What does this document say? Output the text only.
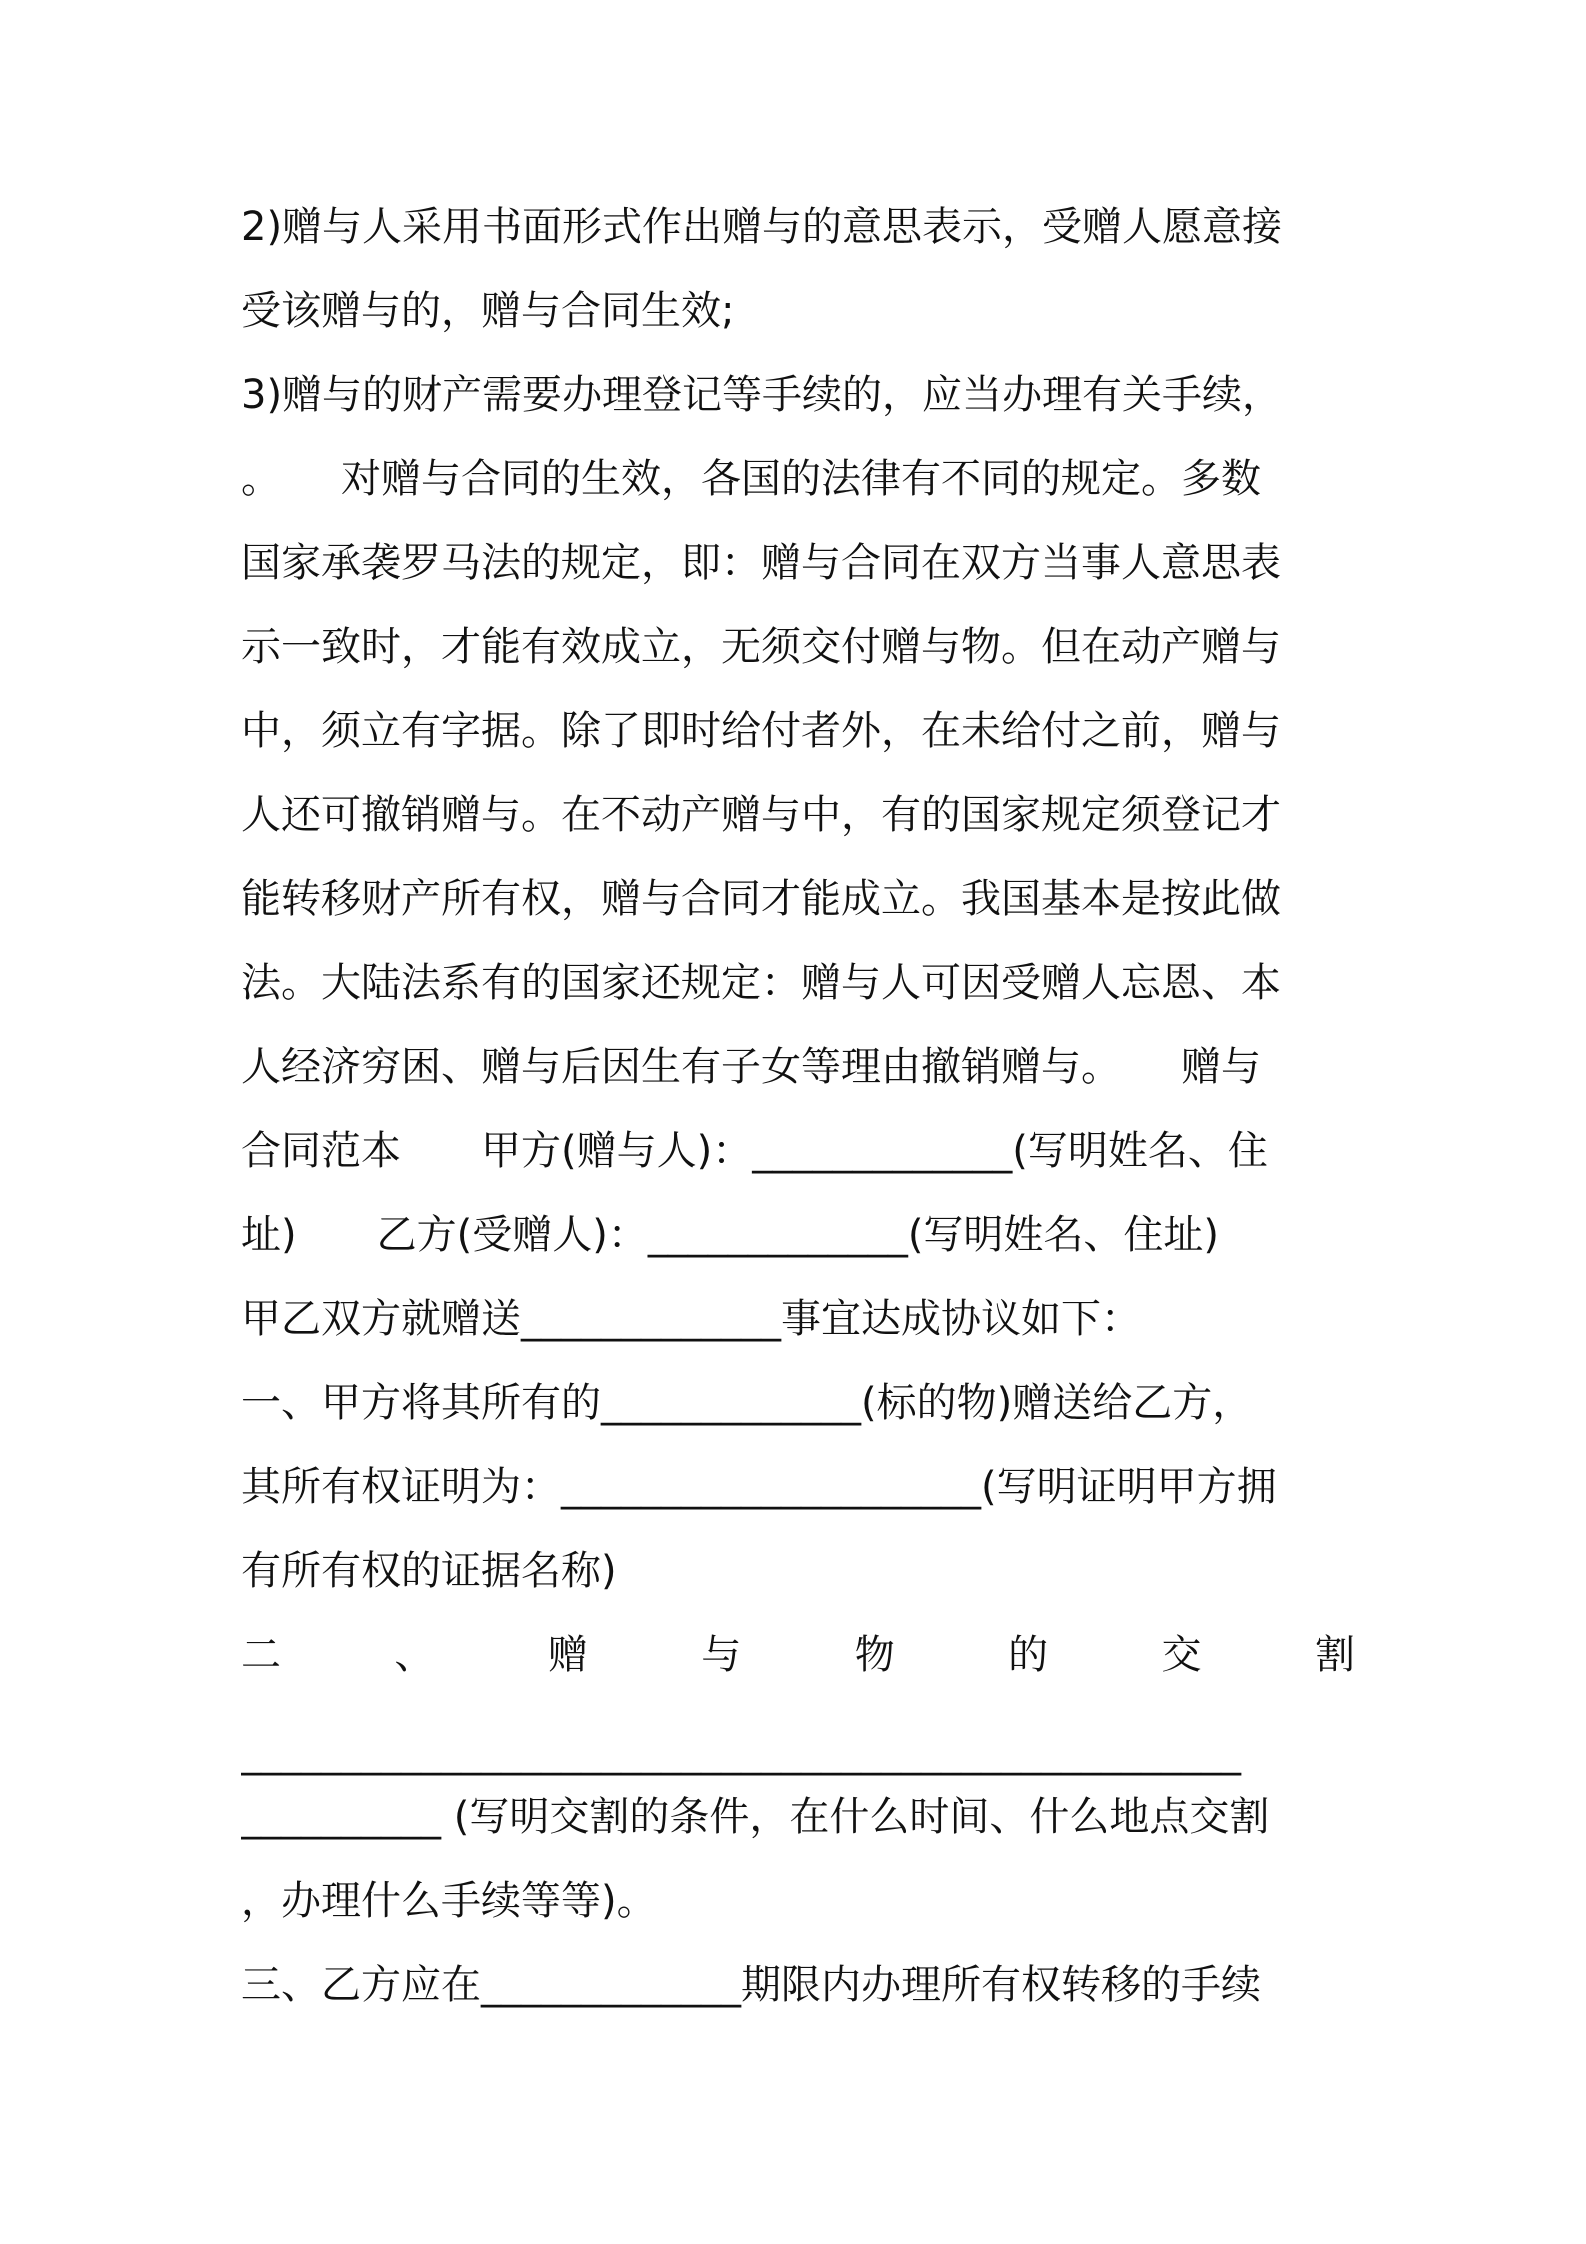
2)赠与人采用书面形式作出赠与的意思表示，受赠人愿意接
受该赠与的，赠与合同生效;
3)赠与的财产需要办理登记等手续的，应当办理有关手续，
。　　对赠与合同的生效，各国的法律有不同的规定。多数
国家承袭罗马法的规定，即：赠与合同在双方当事人意思表
示一致时，才能有效成立，无须交付赠与物。但在动产赠与
中，须立有字据。除了即时给付者外，在未给付之前，赠与
人还可撤销赠与。在不动产赠与中，有的国家规定须登记才
能转移财产所有权，赠与合同才能成立。我国基本是按此做
法。大陆法系有的国家还规定：赠与人可因受赠人忘恩、本
人经济穷困、赠与后因生有子女等理由撤销赠与。　　赠与
合同范本　　甲方(赠与人)：_____________(写明姓名、住
址)　　乙方(受赠人)：_____________(写明姓名、住址)
甲乙双方就赠送_____________事宜达成协议如下：
一、甲方将其所有的_____________(标的物)赠送给乙方，
其所有权证明为：_____________________(写明证明甲方拥
有所有权的证据名称)
二	、	赠	与	物	的	交	割
__________________________________________________
__________ (写明交割的条件，在什么时间、什么地点交割
，办理什么手续等等)。
三、乙方应在_____________期限内办理所有权转移的手续
